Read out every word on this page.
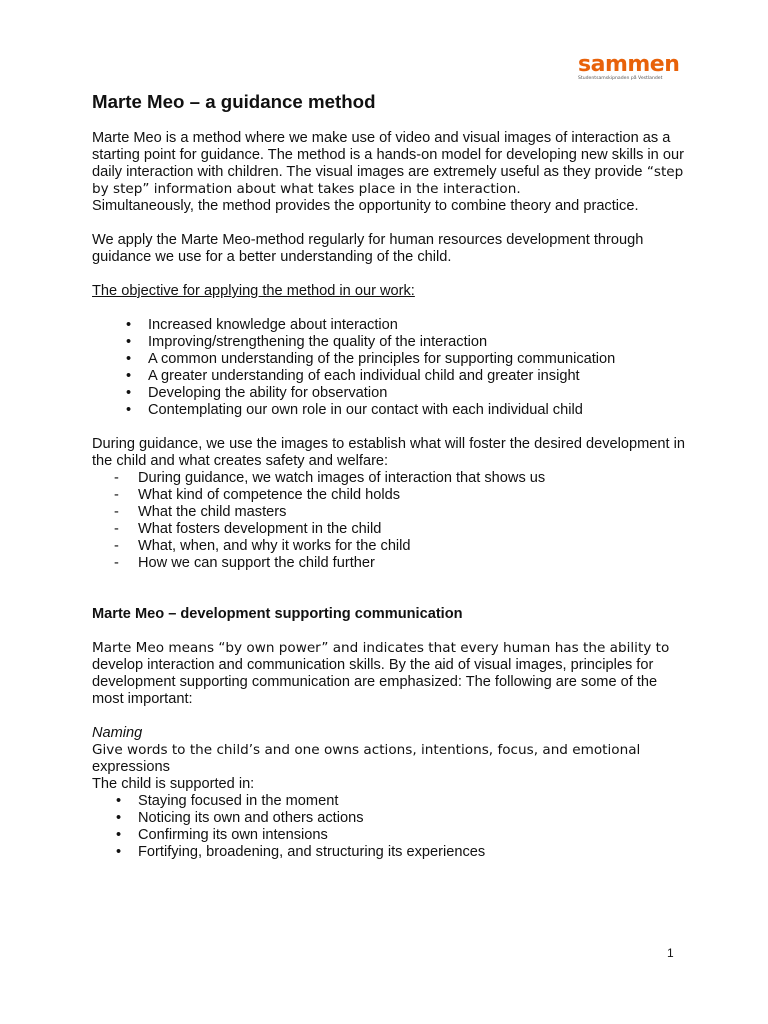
sammen
Studentsamskipnaden på Vestlandet
Marte Meo – a guidance method

Marte Meo is a method where we make use of video and visual images of interaction as a starting point for guidance. The method is a hands-on model for developing new skills in our daily interaction with children. The visual images are extremely useful as they provide “step by step” information about what takes place in the interaction.
Simultaneously, the method provides the opportunity to combine theory and practice.

We apply the Marte Meo-method regularly for human resources development through guidance we use for a better understanding of the child.

The objective for applying the method in our work:

• Increased knowledge about interaction
• Improving/strengthening the quality of the interaction
• A common understanding of the principles for supporting communication
• A greater understanding of each individual child and greater insight
• Developing the ability for observation
• Contemplating our own role in our contact with each individual child

During guidance, we use the images to establish what will foster the desired development in the child and what creates safety and welfare:

- During guidance, we watch images of interaction that shows us
- What kind of competence the child holds
- What the child masters
- What fosters development in the child
- What, when, and why it works for the child
- How we can support the child further
Marte Meo – development supporting communication

Marte Meo means “by own power” and indicates that every human has the ability to
develop interaction and communication skills. By the aid of visual images, principles for development supporting communication are emphasized: The following are some of the most important:

Naming

Give words to the child’s and one owns actions, intentions, focus, and emotional
expressions

The child is supported in:

• Staying focused in the moment
• Noticing its own and others actions
• Confirming its own intensions
• Fortifying, broadening, and structuring its experiences
1
